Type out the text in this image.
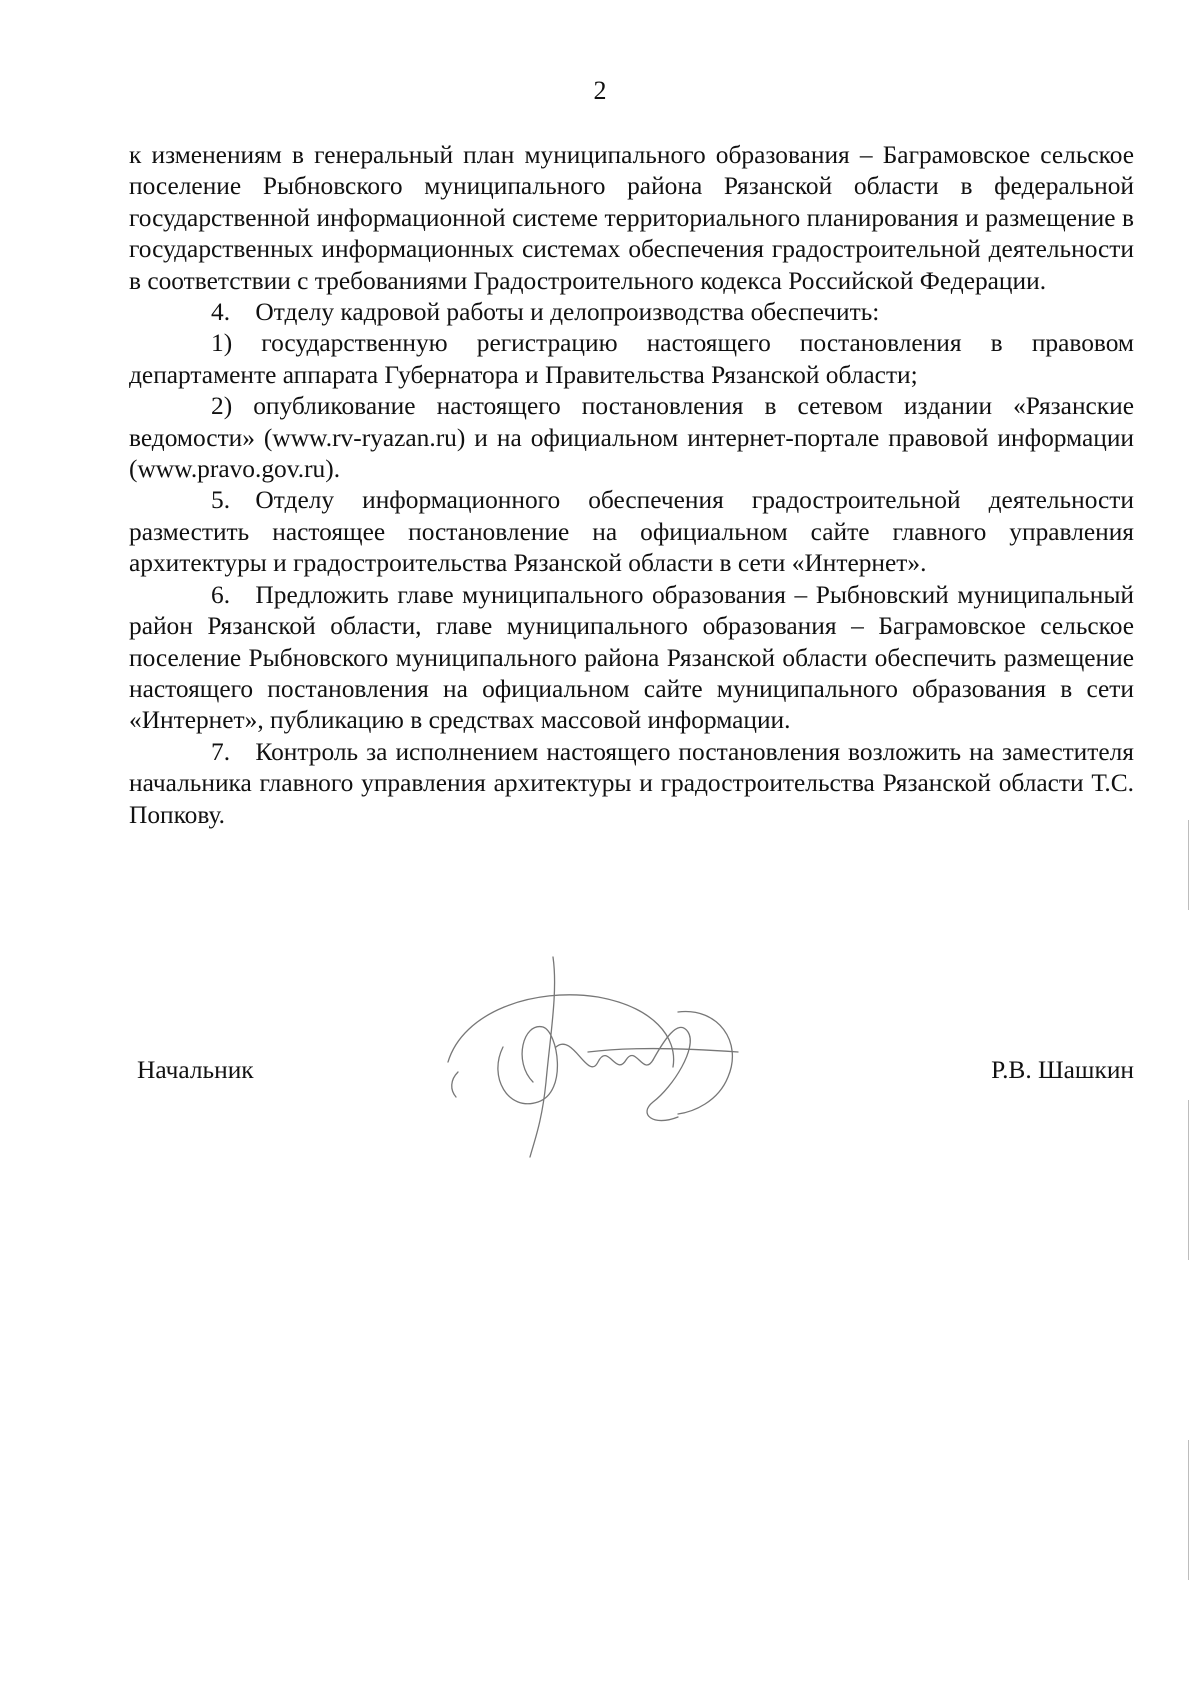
2

к изменениям в генеральный план муниципального образования – Баграмовское сельское поселение Рыбновского муниципального района Рязанской области в федеральной государственной информационной системе территориального планирования и размещение в государственных информационных системах обеспечения градостроительной деятельности в соответствии с требованиями Градостроительного кодекса Российской Федерации.

4. Отделу кадровой работы и делопроизводства обеспечить:

1) государственную регистрацию настоящего постановления в правовом департаменте аппарата Губернатора и Правительства Рязанской области;

2) опубликование настоящего постановления в сетевом издании «Рязанские ведомости» (www.rv-ryazan.ru) и на официальном интернет-портале правовой информации (www.pravo.gov.ru).

5. Отделу информационного обеспечения градостроительной деятельности разместить настоящее постановление на официальном сайте главного управления архитектуры и градостроительства Рязанской области в сети «Интернет».

6. Предложить главе муниципального образования – Рыбновский муниципальный район Рязанской области, главе муниципального образования – Баграмовское сельское поселение Рыбновского муниципального района Рязанской области обеспечить размещение настоящего постановления на официальном сайте муниципального образования в сети «Интернет», публикацию в средствах массовой информации.

7. Контроль за исполнением настоящего постановления возложить на заместителя начальника главного управления архитектуры и градостроительства Рязанской области Т.С. Попкову.

Начальник	Р.В. Шашкин
